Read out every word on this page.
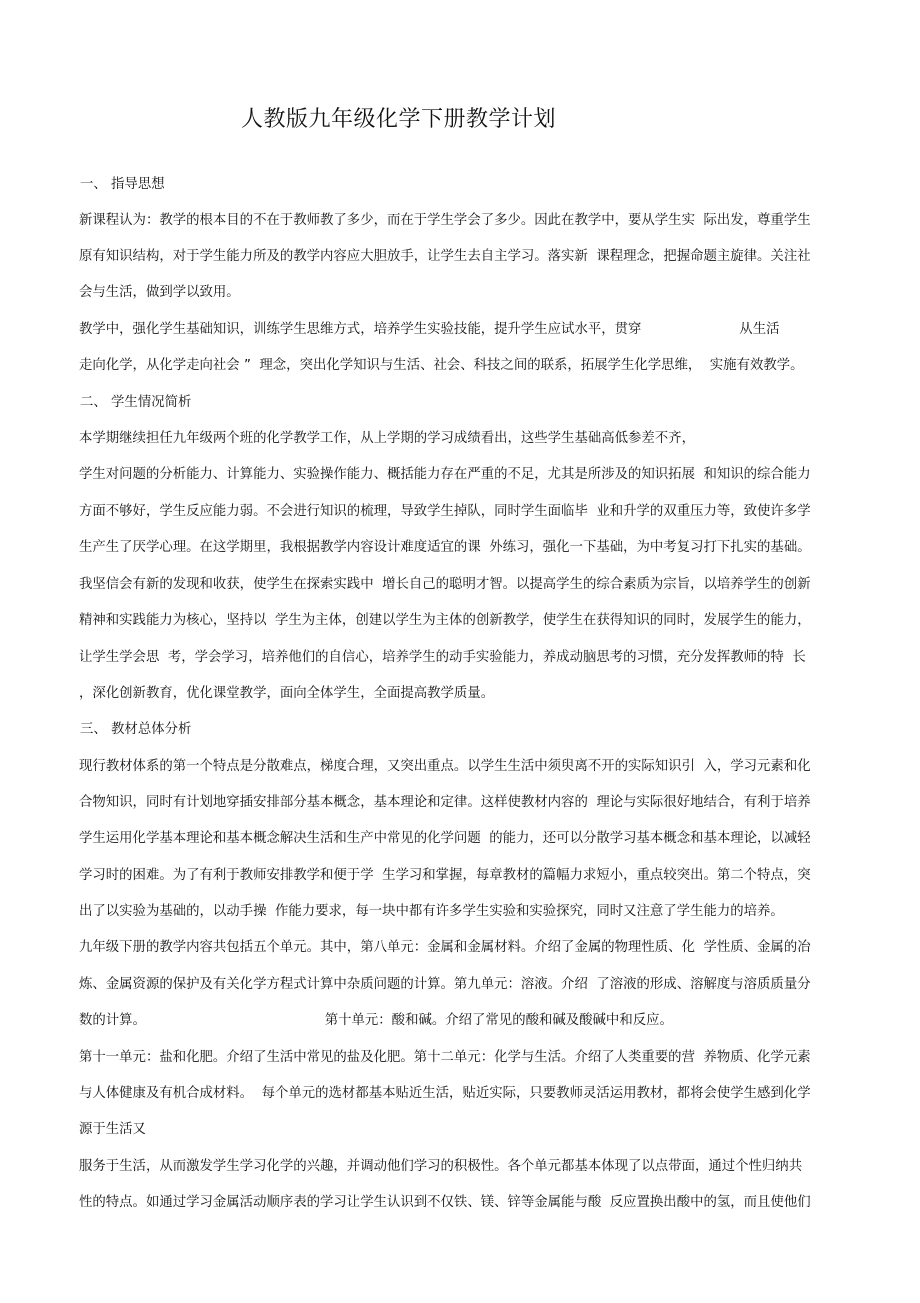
人教版九年级化学下册教学计划
一、 指导思想
新课程认为：教学的根本目的不在于教师教了多少，而在于学生学会了多少。因此在教学中，要从学生实  际出发，尊重学生
原有知识结构，对于学生能力所及的教学内容应大胆放手，让学生去自主学习。落实新  课程理念，把握命题主旋律。关注社
会与生活，做到学以致用。
教学中，强化学生基础知识，训练学生思维方式，培养学生实验技能，提升学生应试水平，贯穿                       从生活
走向化学，从化学走向社会 ”  理念，突出化学知识与生活、社会、科技之间的联系，拓展学生化学思维，  实施有效教学。
二、 学生情况简析
本学期继续担任九年级两个班的化学教学工作，从上学期的学习成绩看出，这些学生基础高低参差不齐，
学生对问题的分析能力、计算能力、实验操作能力、概括能力存在严重的不足，尤其是所涉及的知识拓展  和知识的综合能力
方面不够好，学生反应能力弱。不会进行知识的梳理，导致学生掉队，同时学生面临毕  业和升学的双重压力等，致使许多学
生产生了厌学心理。在这学期里，我根据教学内容设计难度适宜的课  外练习，强化一下基础，为中考复习打下扎实的基础。
我坚信会有新的发现和收获，使学生在探索实践中  增长自己的聪明才智。以提高学生的综合素质为宗旨，以培养学生的创新
精神和实践能力为核心，坚持以  学生为主体，创建以学生为主体的创新教学，使学生在获得知识的同时，发展学生的能力，
让学生学会思  考，学会学习，培养他们的自信心，培养学生的动手实验能力，养成动脑思考的习惯，充分发挥教师的特  长
，深化创新教育，优化课堂教学，面向全体学生，全面提高教学质量。
三、 教材总体分析
现行教材体系的第一个特点是分散难点，梯度合理，又突出重点。以学生生活中须臾离不开的实际知识引  入，学习元素和化
合物知识，同时有计划地穿插安排部分基本概念，基本理论和定律。这样使教材内容的  理论与实际很好地结合，有利于培养
学生运用化学基本理论和基本概念解决生活和生产中常见的化学问题  的能力，还可以分散学习基本概念和基本理论，以减轻
学习时的困难。为了有利于教师安排教学和便于学  生学习和掌握，每章教材的篇幅力求短小，重点较突出。第二个特点，突
出了以实验为基础的，以动手操  作能力要求，每一块中都有许多学生实验和实验探究，同时又注意了学生能力的培养。
九年级下册的教学内容共包括五个单元。其中，第八单元：金属和金属材料。介绍了金属的物理性质、化  学性质、金属的冶
炼、金属资源的保护及有关化学方程式计算中杂质问题的计算。第九单元：溶液。介绍  了溶液的形成、溶解度与溶质质量分
数的计算。                                          第十单元：酸和碱。介绍了常见的酸和碱及酸碱中和反应。
第十一单元：盐和化肥。介绍了生活中常见的盐及化肥。第十二单元：化学与生活。介绍了人类重要的营  养物质、化学元素
与人体健康及有机合成材料。  每个单元的选材都基本贴近生活，贴近实际，只要教师灵活运用教材，都将会使学生感到化学
源于生活又
服务于生活，从而激发学生学习化学的兴趣，并调动他们学习的积极性。各个单元都基本体现了以点带面，通过个性归纳共
性的特点。如通过学习金属活动顺序表的学习让学生认识到不仅铁、镁、锌等金属能与酸  反应置换出酸中的氢，而且使他们
